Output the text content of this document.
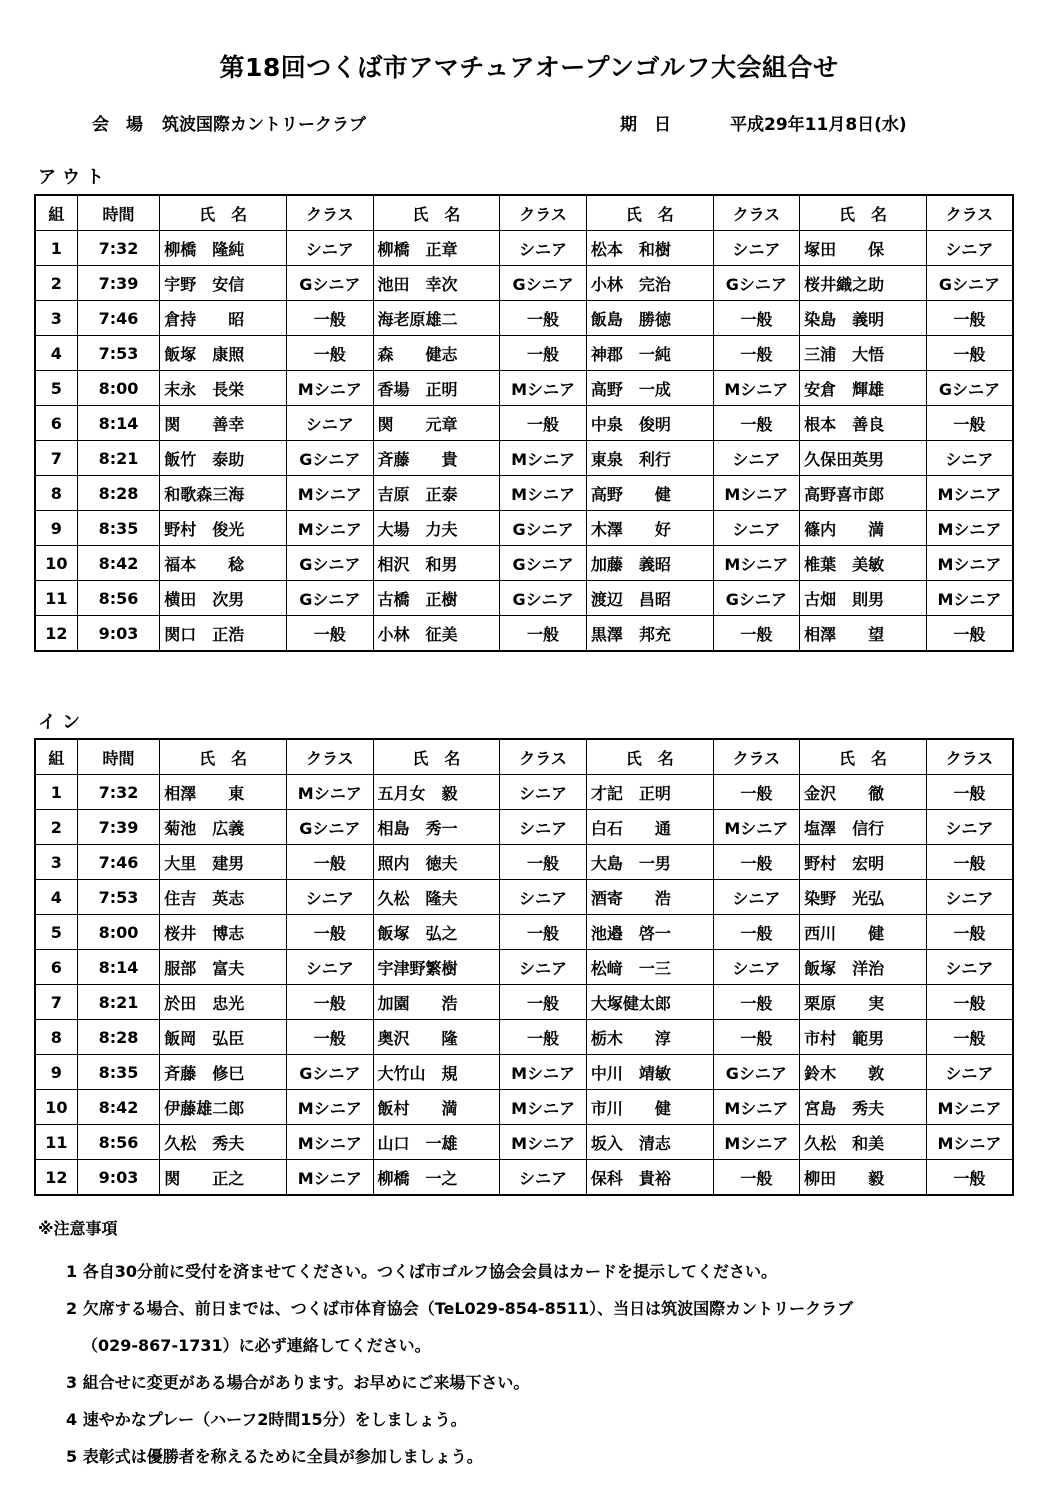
第18回つくば市アマチュアオープンゴルフ大会組合せ
会　場 筑波国際カントリークラブ	期　日	平成29年11月8日(水)
アウト
組	時間	氏　名	クラス	氏　名	クラス	氏　名	クラス	氏　名	クラス
1	7:32	柳橋　隆純	シニア	柳橋　正章	シニア	松本　和樹	シニア	塚田　　保	シニア
2	7:39	宇野　安信	Gシニア	池田　幸次	Gシニア	小林　完治	Gシニア	桜井織之助	Gシニア
3	7:46	倉持　　昭	一般	海老原雄二	一般	飯島　勝徳	一般	染島　義明	一般
4	7:53	飯塚　康照	一般	森　　健志	一般	神郡　一純	一般	三浦　大悟	一般
5	8:00	末永　長栄	Mシニア	香場　正明	Mシニア	高野　一成	Mシニア	安倉　輝雄	Gシニア
6	8:14	関　　善幸	シニア	関　　元章	一般	中泉　俊明	一般	根本　善良	一般
7	8:21	飯竹　泰助	Gシニア	斉藤　　貴	Mシニア	東泉　利行	シニア	久保田英男	シニア
8	8:28	和歌森三海	Mシニア	吉原　正泰	Mシニア	高野　　健	Mシニア	高野喜市郎	Mシニア
9	8:35	野村　俊光	Mシニア	大場　力夫	Gシニア	木澤　　好	シニア	篠内　　満	Mシニア
10	8:42	福本　　稔	Gシニア	相沢　和男	Gシニア	加藤　義昭	Mシニア	椎葉　美敏	Mシニア
11	8:56	横田　次男	Gシニア	古橋　正樹	Gシニア	渡辺　昌昭	Gシニア	古畑　則男	Mシニア
12	9:03	関口　正浩	一般	小林　征美	一般	黒澤　邦充	一般	相澤　　望	一般
イン
組	時間	氏　名	クラス	氏　名	クラス	氏　名	クラス	氏　名	クラス
1	7:32	相澤　　東	Mシニア	五月女　毅	シニア	才記　正明	一般	金沢　　徹	一般
2	7:39	菊池　広義	Gシニア	相島　秀一	シニア	白石　　通	Mシニア	塩澤　信行	シニア
3	7:46	大里　建男	一般	照内　徳夫	一般	大島　一男	一般	野村　宏明	一般
4	7:53	住吉　英志	シニア	久松　隆夫	シニア	酒寄　　浩	シニア	染野　光弘	シニア
5	8:00	桜井　博志	一般	飯塚　弘之	一般	池邉　啓一	一般	西川　　健	一般
6	8:14	服部　富夫	シニア	宇津野繁樹	シニア	松﨑　一三	シニア	飯塚　洋治	シニア
7	8:21	於田　忠光	一般	加園　　浩	一般	大塚健太郎	一般	栗原　　実	一般
8	8:28	飯岡　弘臣	一般	奥沢　　隆	一般	栃木　　淳	一般	市村　範男	一般
9	8:35	斉藤　修巳	Gシニア	大竹山　規	Mシニア	中川　靖敏	Gシニア	鈴木　　敦	シニア
10	8:42	伊藤雄二郎	Mシニア	飯村　　満	Mシニア	市川　　健	Mシニア	宮島　秀夫	Mシニア
11	8:56	久松　秀夫	Mシニア	山口　一雄	Mシニア	坂入　清志	Mシニア	久松　和美	Mシニア
12	9:03	関　　正之	Mシニア	柳橋　一之	シニア	保科　貴裕	一般	柳田　　毅	一般
※注意事項
1 各自30分前に受付を済ませてください。つくば市ゴルフ協会会員はカードを提示してください。
2 欠席する場合、前日までは、つくば市体育協会（TeL029-854-8511）、当日は筑波国際カントリークラブ
（029-867-1731）に必ず連絡してください。
3 組合せに変更がある場合があります。お早めにご来場下さい。
4 速やかなプレー（ハーフ2時間15分）をしましょう。
5 表彰式は優勝者を称えるために全員が参加しましょう。
